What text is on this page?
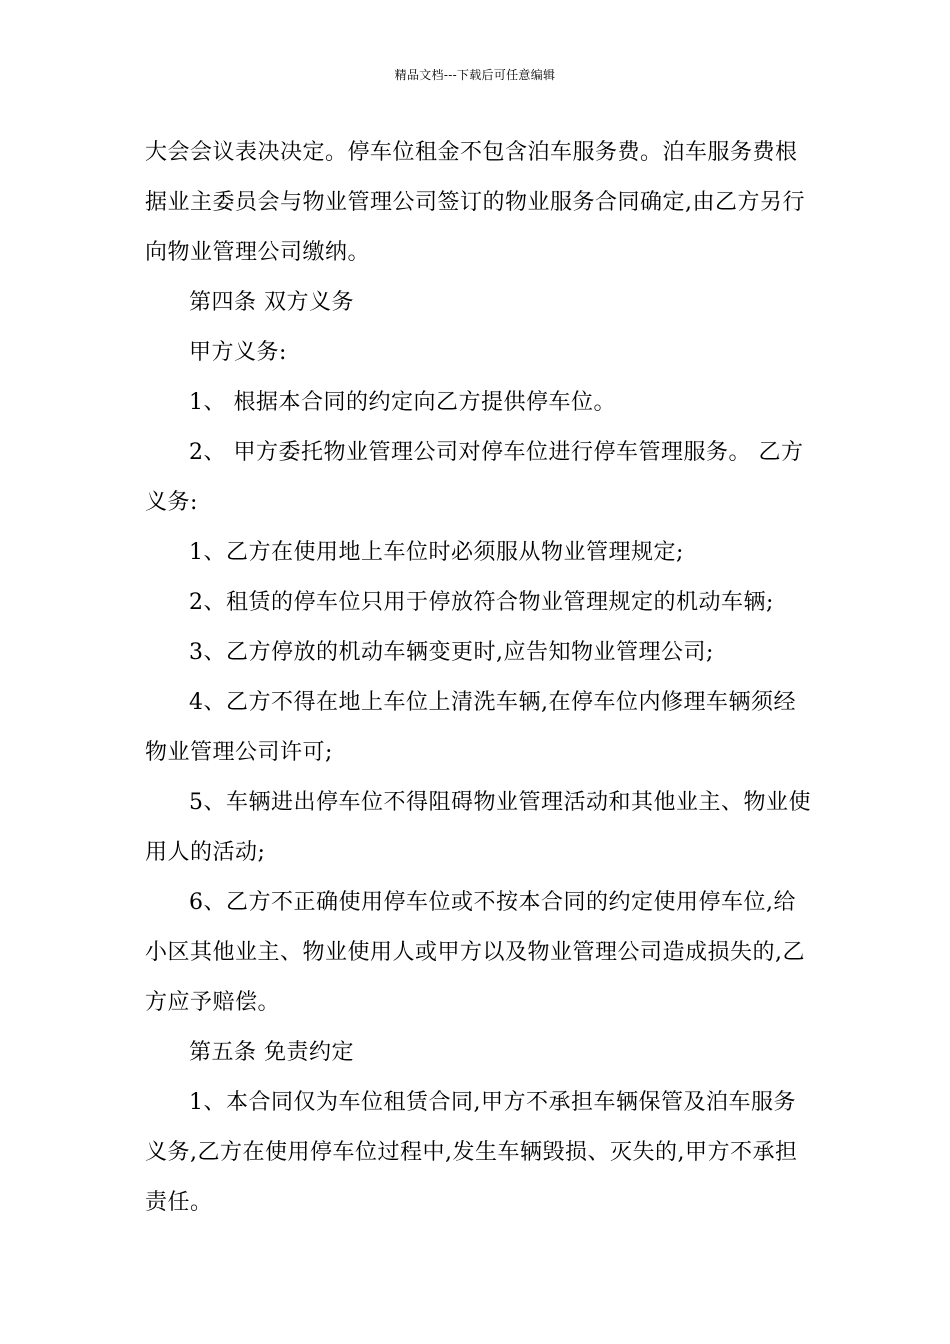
精品文档---下载后可任意编辑
大会会议表决决定。停车位租金不包含泊车服务费。泊车服务费根
据业主委员会与物业管理公司签订的物业服务合同确定,由乙方另行
向物业管理公司缴纳。
第四条 双方义务
甲方义务:
1、 根据本合同的约定向乙方提供停车位。
2、 甲方委托物业管理公司对停车位进行停车管理服务。 乙方
义务:
1、乙方在使用地上车位时必须服从物业管理规定;
2、租赁的停车位只用于停放符合物业管理规定的机动车辆;
3、乙方停放的机动车辆变更时,应告知物业管理公司;
4、乙方不得在地上车位上清洗车辆,在停车位内修理车辆须经
物业管理公司许可;
5、车辆进出停车位不得阻碍物业管理活动和其他业主、物业使
用人的活动;
6、乙方不正确使用停车位或不按本合同的约定使用停车位,给
小区其他业主、物业使用人或甲方以及物业管理公司造成损失的,乙
方应予赔偿。
第五条 免责约定
1、本合同仅为车位租赁合同,甲方不承担车辆保管及泊车服务
义务,乙方在使用停车位过程中,发生车辆毁损、灭失的,甲方不承担
责任。
